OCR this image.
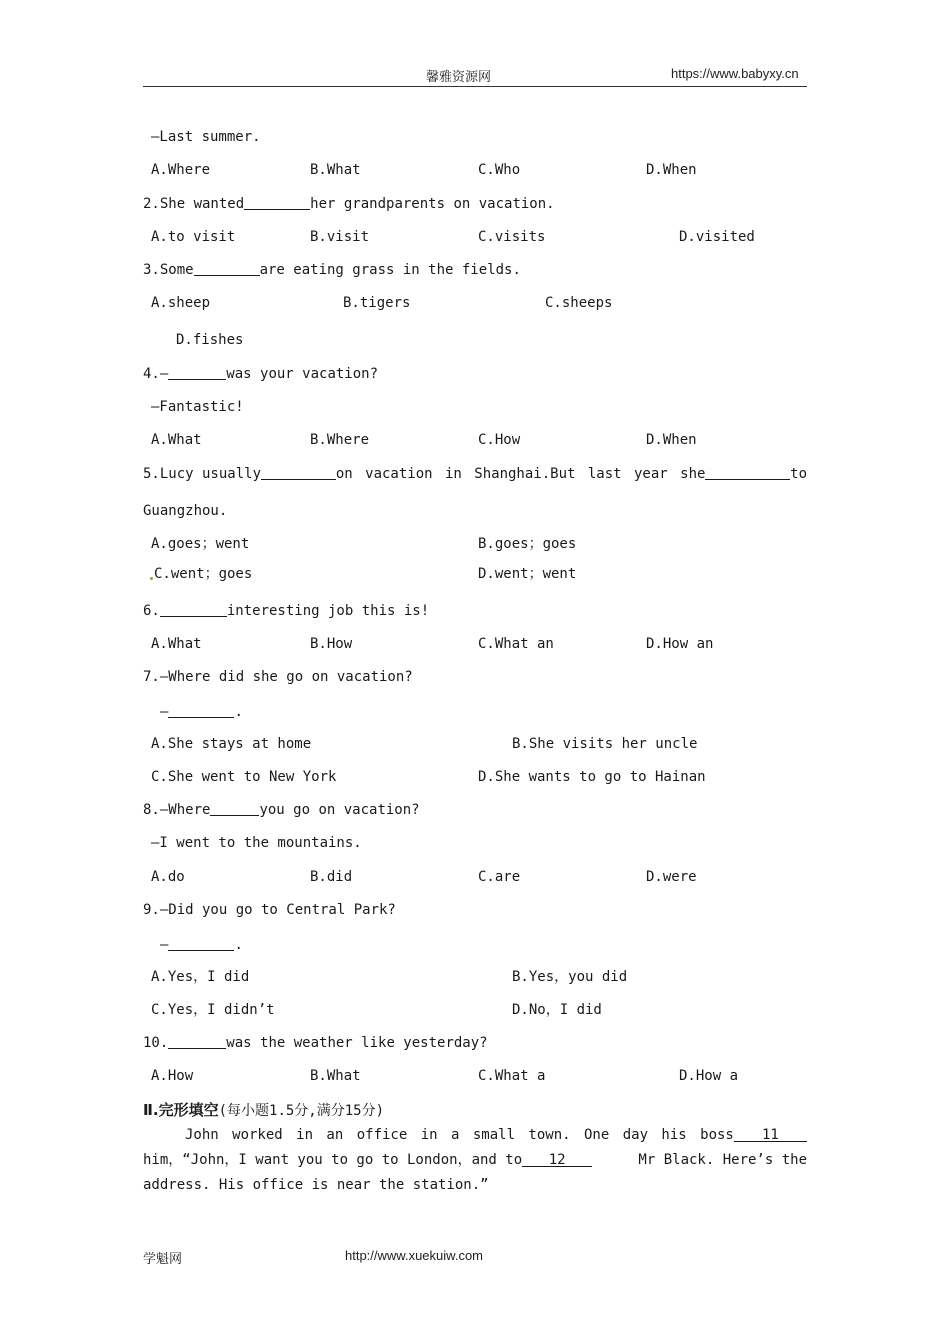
馨雅资源网	https://www.babyxy.cn
—Last summer.
A.Where	B.What	C.Who	D.When
2.She wanted	her grandparents on vacation.
A.to visit	B.visit	C.visits	D.visited
3.Some	are eating grass in the fields.
A.sheep	B.tigers	C.sheeps
D.fishes
4.—	was your vacation?
—Fantastic!
A.What	B.Where	C.How	D.When
5.Lucy usually	on vacation in Shanghai.But last year she	to
Guangzhou.
A.goes；went	B.goes；goes
C.went；goes	D.went；went
6.	interesting job this is!
A.What	B.How	C.What an	D.How an
7.—Where did she go on vacation?
—	.
A.She stays at home	B.She visits her uncle
C.She went to New York	D.She wants to go to Hainan
8.—Where	you go on vacation?
—I went to the mountains.
A.do	B.did	C.are	D.were
9.—Did you go to Central Park?
—	.
A.Yes，I did	B.Yes，you did
C.Yes，I didn’t	D.No，I did
10.	was the weather like yesterday?
A.How	B.What	C.What a	D.How a
Ⅱ.完形填空(每小题1.5分,满分15分)
John worked in an office in a small town. One day his boss	11
him，“John，I want you to go to London，and to	12	Mr Black. Here’s the
address. His office is near the station.”
学魁网	http://www.xuekuiw.com
